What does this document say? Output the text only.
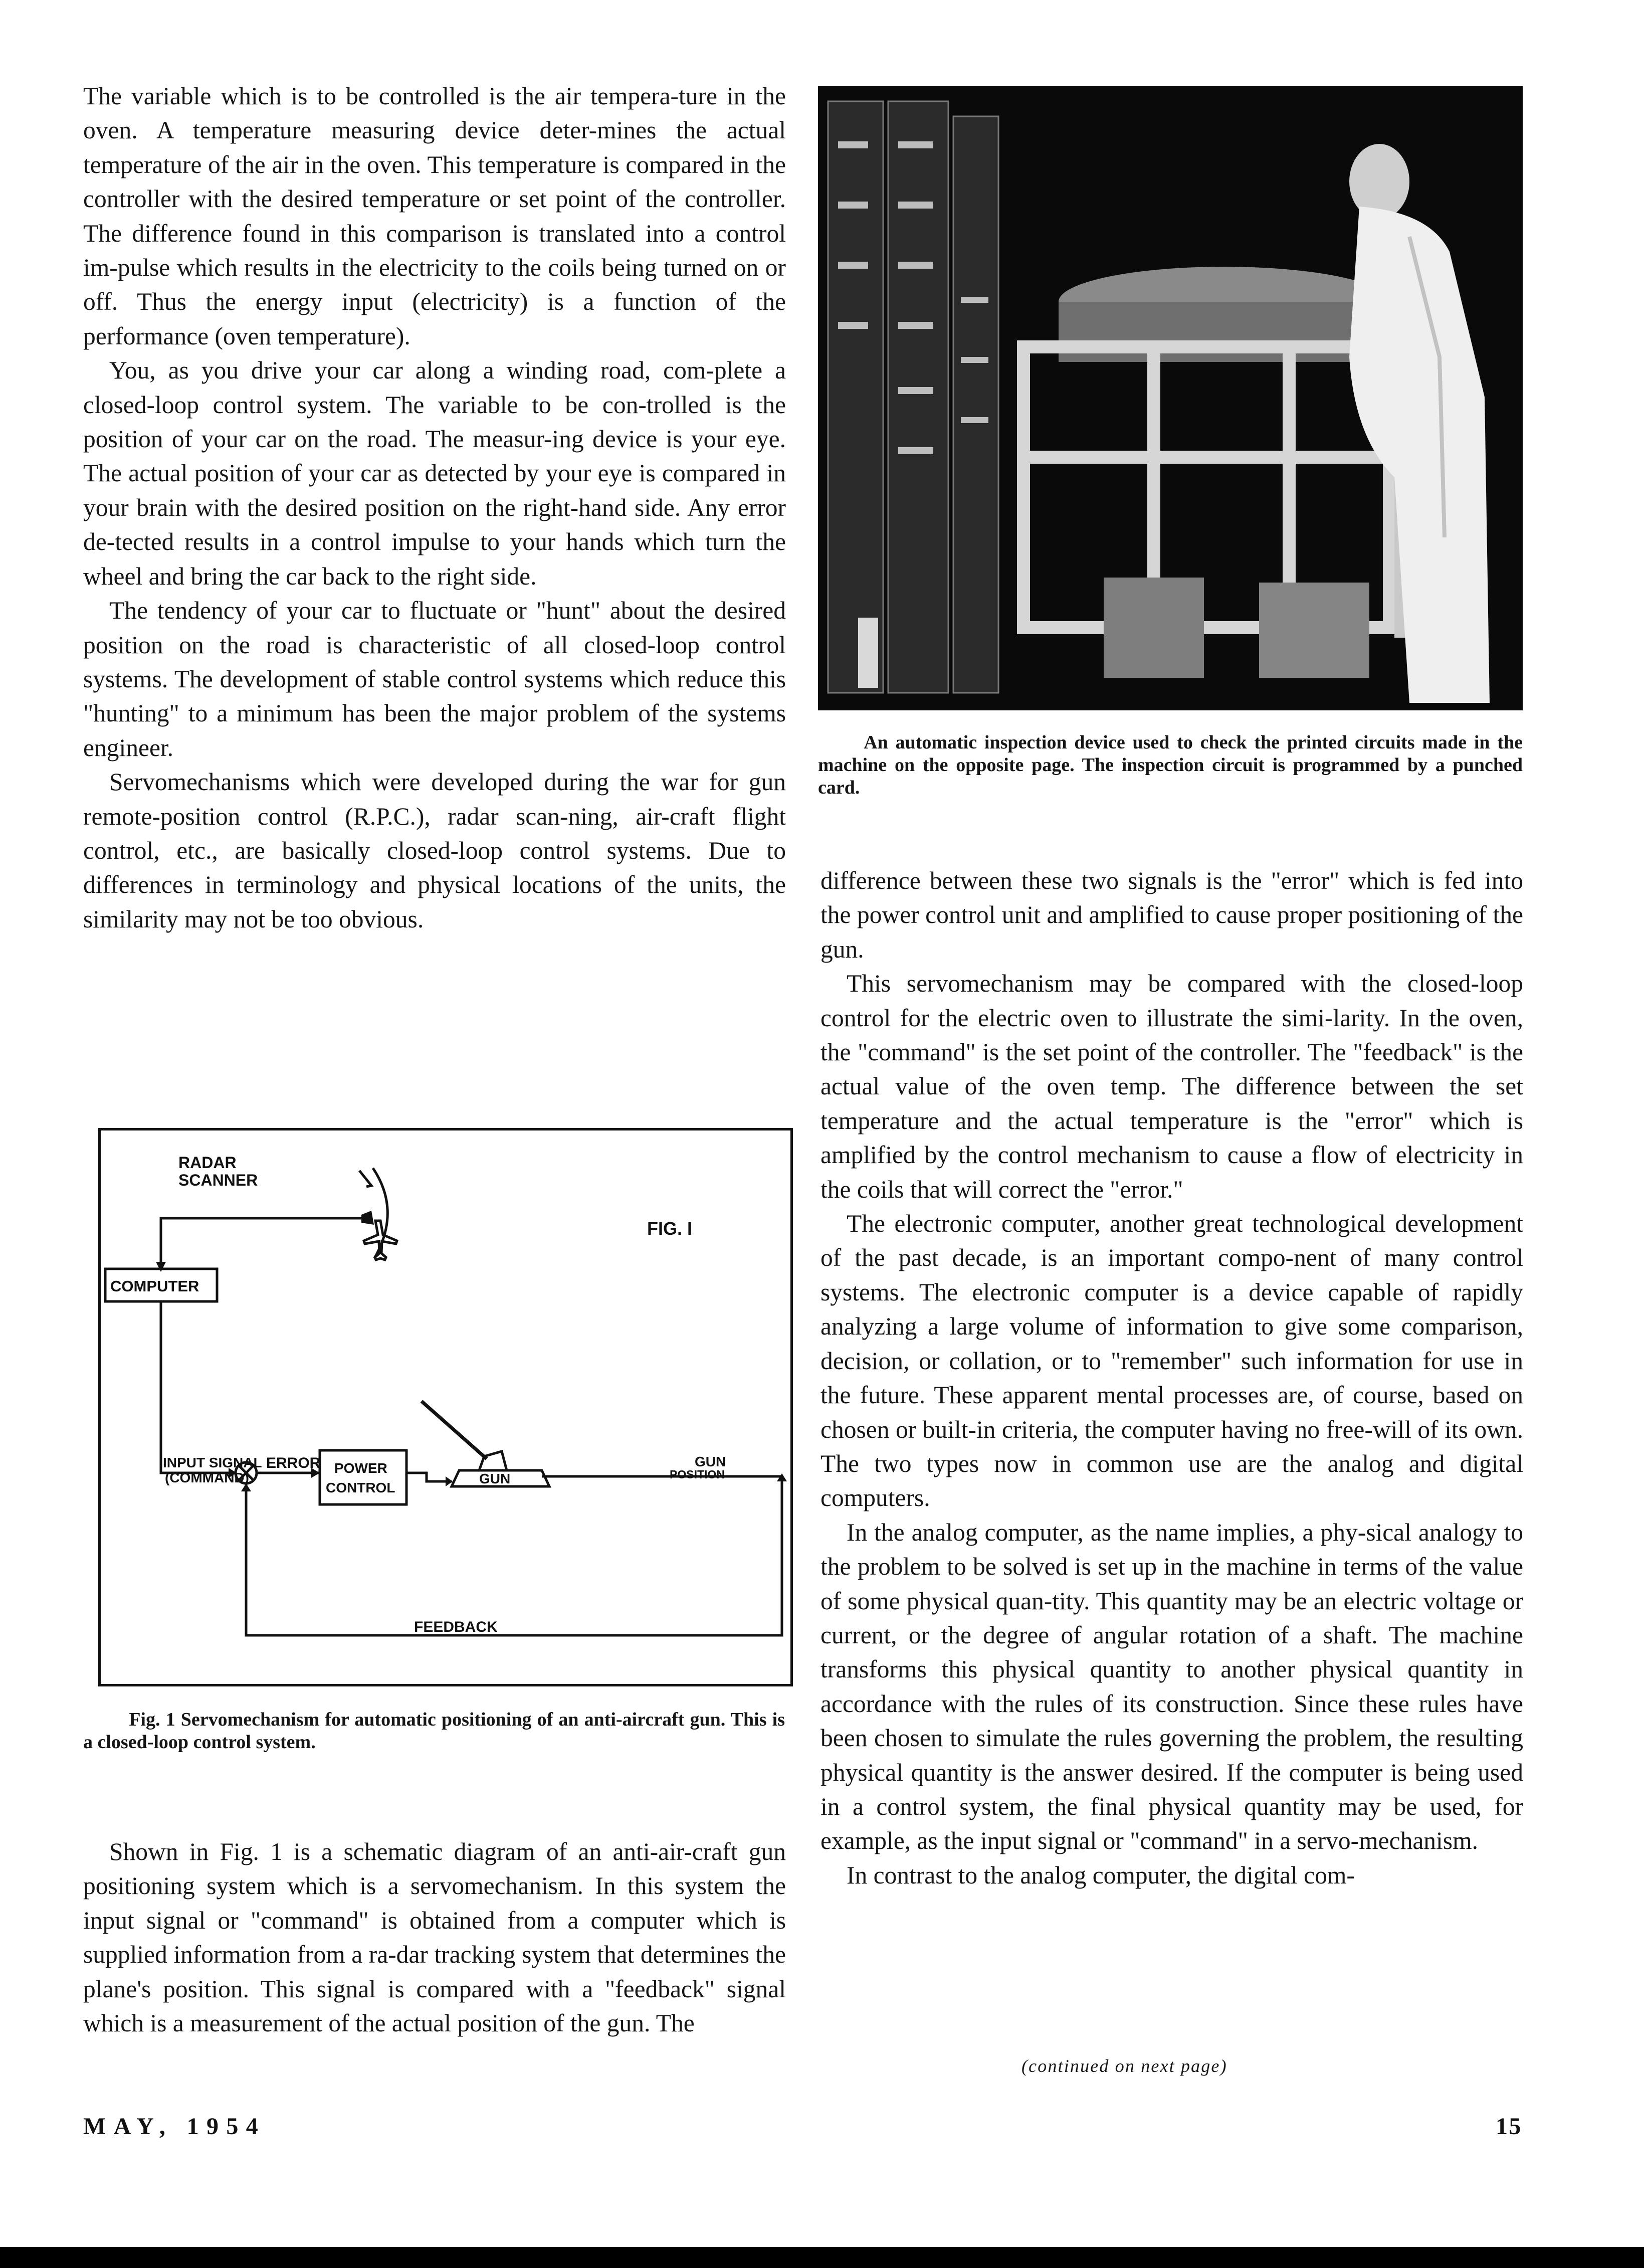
The variable which is to be controlled is the air tempera-ture in the oven. A temperature measuring device deter-mines the actual temperature of the air in the oven. This temperature is compared in the controller with the desired temperature or set point of the controller. The difference found in this comparison is translated into a control im-pulse which results in the electricity to the coils being turned on or off. Thus the energy input (electricity) is a function of the performance (oven temperature).

You, as you drive your car along a winding road, com-plete a closed-loop control system. The variable to be con-trolled is the position of your car on the road. The measur-ing device is your eye. The actual position of your car as detected by your eye is compared in your brain with the desired position on the right-hand side. Any error de-tected results in a control impulse to your hands which turn the wheel and bring the car back to the right side.

The tendency of your car to fluctuate or "hunt" about the desired position on the road is characteristic of all closed-loop control systems. The development of stable control systems which reduce this "hunting" to a minimum has been the major problem of the systems engineer.

Servomechanisms which were developed during the war for gun remote-position control (R.P.C.), radar scan-ning, air-craft flight control, etc., are basically closed-loop control systems. Due to differences in terminology and physical locations of the units, the similarity may not be too obvious.

RADAR
SCANNER
FIG. I
COMPUTER
INPUT SIGNAL
(COMMAND)
ERROR POWER
CONTROL
GUN
GUN
POSITION
FEEDBACK

Fig. 1 Servomechanism for automatic positioning of an anti-aircraft gun. This is a closed-loop control system.

Shown in Fig. 1 is a schematic diagram of an anti-air-craft gun positioning system which is a servomechanism. In this system the input signal or "command" is obtained from a computer which is supplied information from a ra-dar tracking system that determines the plane's position. This signal is compared with a "feedback" signal which is a measurement of the actual position of the gun. The

An automatic inspection device used to check the printed circuits made in the machine on the opposite page. The inspection circuit is programmed by a punched card.

difference between these two signals is the "error" which is fed into the power control unit and amplified to cause proper positioning of the gun.

This servomechanism may be compared with the closed-loop control for the electric oven to illustrate the simi-larity. In the oven, the "command" is the set point of the controller. The "feedback" is the actual value of the oven temp. The difference between the set temperature and the actual temperature is the "error" which is amplified by the control mechanism to cause a flow of electricity in the coils that will correct the "error."

The electronic computer, another great technological development of the past decade, is an important compo-nent of many control systems. The electronic computer is a device capable of rapidly analyzing a large volume of information to give some comparison, decision, or collation, or to "remember" such information for use in the future. These apparent mental processes are, of course, based on chosen or built-in criteria, the computer having no free-will of its own. The two types now in common use are the analog and digital computers.

In the analog computer, as the name implies, a phy-sical analogy to the problem to be solved is set up in the machine in terms of the value of some physical quan-tity. This quantity may be an electric voltage or current, or the degree of angular rotation of a shaft. The machine transforms this physical quantity to another physical quantity in accordance with the rules of its construction. Since these rules have been chosen to simulate the rules governing the problem, the resulting physical quantity is the answer desired. If the computer is being used in a control system, the final physical quantity may be used, for example, as the input signal or "command" in a servo-mechanism.

In contrast to the analog computer, the digital com-

(continued on next page)
MAY, 1954	15
